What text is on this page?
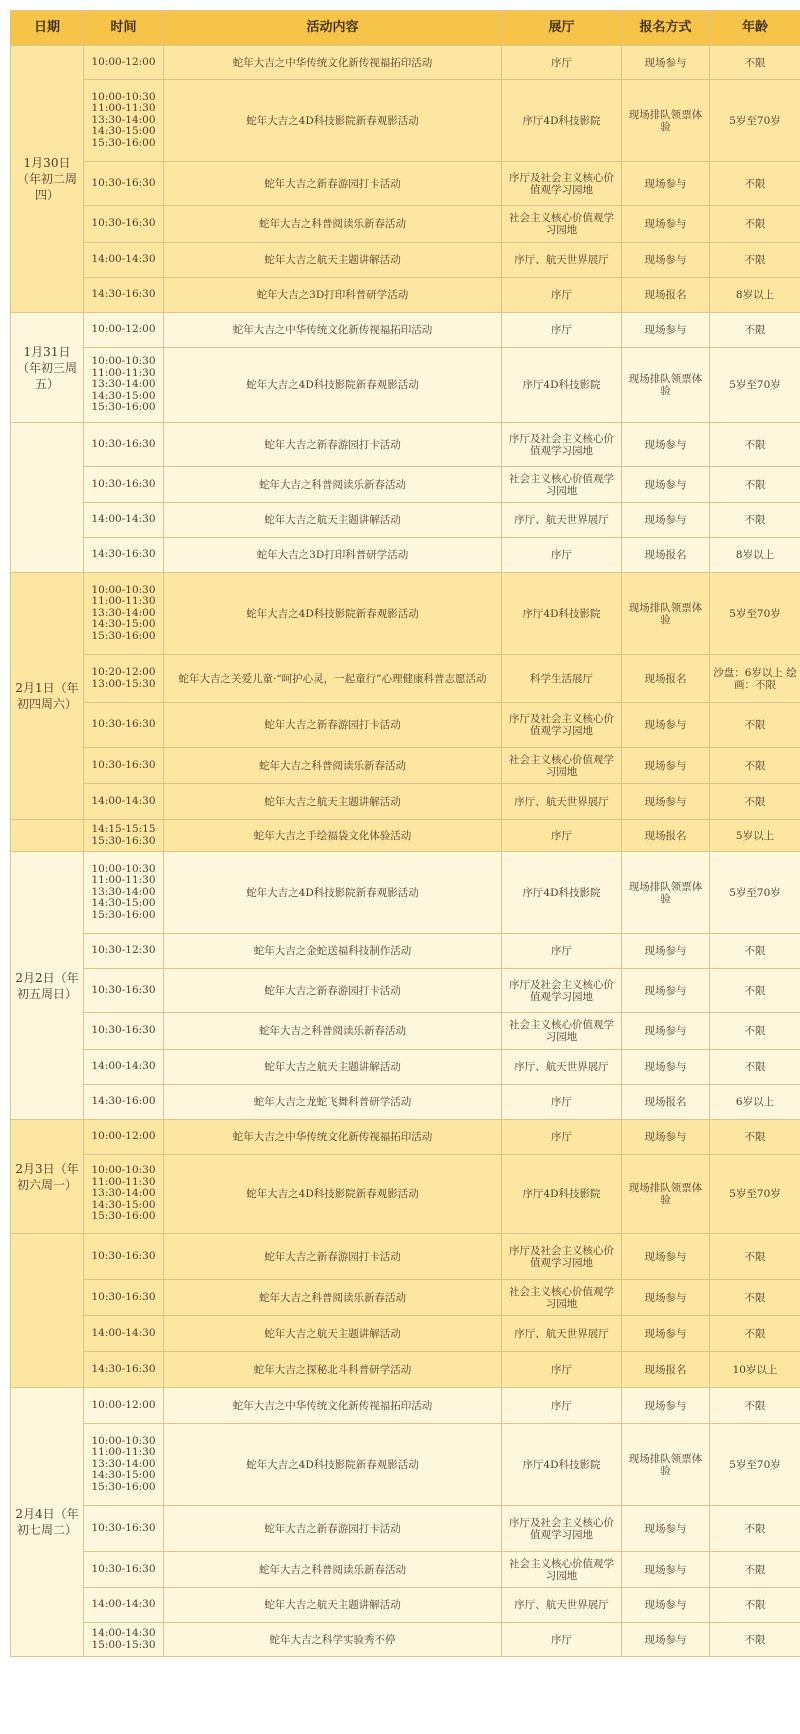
日期	时间	活动内容	展厅	报名方式	年龄
1月30日（年初二周四）	10:00-12:00	蛇年大吉之中华传统文化新传视福拓印活动	序厅	现场参与	不限

	10:00-10:30
11:00-11:30
13:30-14:00
14:30-15:00
15:30-16:00	蛇年大吉之4D科技影院新春观影活动	序厅4D科技影院	现场排队领票体验	5岁至70岁

	10:30-16:30	蛇年大吉之新春游园打卡活动	序厅及社会主义核心价值观学习园地	现场参与	不限

	10:30-16:30	蛇年大吉之科普阅读乐新春活动	社会主义核心价值观学习园地	现场参与	不限

	14:00-14:30	蛇年大吉之航天主题讲解活动	序厅、航天世界展厅	现场参与	不限

	14:30-16:30	蛇年大吉之3D打印科普研学活动	序厅	现场报名	8岁以上
1月31日（年初三周五）	10:00-12:00	蛇年大吉之中华传统文化新传视福拓印活动	序厅	现场参与	不限

	10:00-10:30
11:00-11:30
13:30-14:00
14:30-15:00
15:30-16:00	蛇年大吉之4D科技影院新春观影活动	序厅4D科技影院	现场排队领票体验	5岁至70岁

	10:30-16:30	蛇年大吉之新春游园打卡活动	序厅及社会主义核心价值观学习园地	现场参与	不限

	10:30-16:30	蛇年大吉之科普阅读乐新春活动	社会主义核心价值观学习园地	现场参与	不限

	14:00-14:30	蛇年大吉之航天主题讲解活动	序厅、航天世界展厅	现场参与	不限

	14:30-16:30	蛇年大吉之3D打印科普研学活动	序厅	现场报名	8岁以上
2月1日（年初四周六）	10:00-10:30
11:00-11:30
13:30-14:00
14:30-15:00
15:30-16:00	蛇年大吉之4D科技影院新春观影活动	序厅4D科技影院	现场排队领票体验	5岁至70岁

	10:20-12:00
13:00-15:30	蛇年大吉之关爱儿童·“呵护心灵，一起童行”心理健康科普志愿活动	科学生活展厅	现场报名	沙盘：6岁以上 绘画：不限

	10:30-16:30	蛇年大吉之新春游园打卡活动	序厅及社会主义核心价值观学习园地	现场参与	不限

	10:30-16:30	蛇年大吉之科普阅读乐新春活动	社会主义核心价值观学习园地	现场参与	不限

	14:00-14:30	蛇年大吉之航天主题讲解活动	序厅、航天世界展厅	现场参与	不限

	14:15-15:15
15:30-16:30	蛇年大吉之手绘福袋文化体验活动	序厅	现场报名	5岁以上
2月2日（年初五周日）	10:00-10:30
11:00-11:30
13:30-14:00
14:30-15:00
15:30-16:00	蛇年大吉之4D科技影院新春观影活动	序厅4D科技影院	现场排队领票体验	5岁至70岁

	10:30-12:30	蛇年大吉之金蛇送福科技制作活动	序厅	现场参与	不限

	10:30-16:30	蛇年大吉之新春游园打卡活动	序厅及社会主义核心价值观学习园地	现场参与	不限

	10:30-16:30	蛇年大吉之科普阅读乐新春活动	社会主义核心价值观学习园地	现场参与	不限

	14:00-14:30	蛇年大吉之航天主题讲解活动	序厅、航天世界展厅	现场参与	不限

	14:30-16:00	蛇年大吉之龙蛇飞舞科普研学活动	序厅	现场报名	6岁以上
2月3日（年初六周一）	10:00-12:00	蛇年大吉之中华传统文化新传视福拓印活动	序厅	现场参与	不限

	10:00-10:30
11:00-11:30
13:30-14:00
14:30-15:00
15:30-16:00	蛇年大吉之4D科技影院新春观影活动	序厅4D科技影院	现场排队领票体验	5岁至70岁

	10:30-16:30	蛇年大吉之新春游园打卡活动	序厅及社会主义核心价值观学习园地	现场参与	不限

	10:30-16:30	蛇年大吉之科普阅读乐新春活动	社会主义核心价值观学习园地	现场参与	不限

	14:00-14:30	蛇年大吉之航天主题讲解活动	序厅、航天世界展厅	现场参与	不限

	14:30-16:30	蛇年大吉之探秘北斗科普研学活动	序厅	现场报名	10岁以上
2月4日（年初七周二）	10:00-12:00	蛇年大吉之中华传统文化新传视福拓印活动	序厅	现场参与	不限

	10:00-10:30
11:00-11:30
13:30-14:00
14:30-15:00
15:30-16:00	蛇年大吉之4D科技影院新春观影活动	序厅4D科技影院	现场排队领票体验	5岁至70岁

	10:30-16:30	蛇年大吉之新春游园打卡活动	序厅及社会主义核心价值观学习园地	现场参与	不限

	10:30-16:30	蛇年大吉之科普阅读乐新春活动	社会主义核心价值观学习园地	现场参与	不限

	14:00-14:30	蛇年大吉之航天主题讲解活动	序厅、航天世界展厅	现场参与	不限

	14:00-14:30
15:00-15:30	蛇年大吉之科学实验秀不停	序厅	现场参与	不限
